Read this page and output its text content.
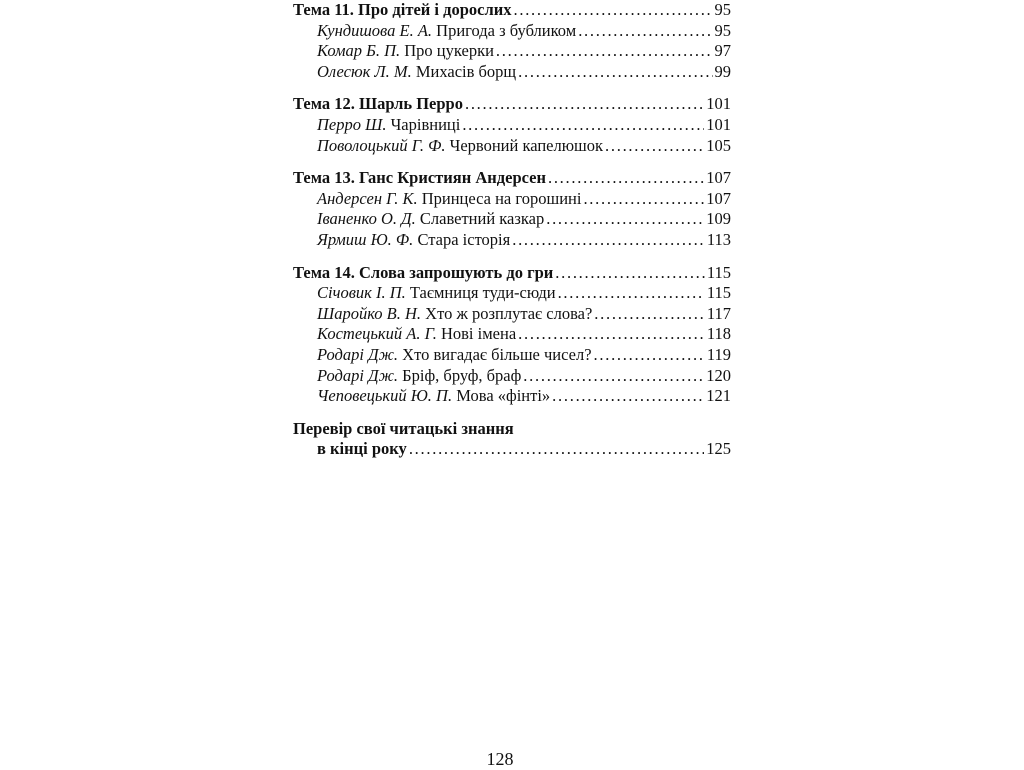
Тема 11. Про дітей і дорослих . . .	95
Кундишова Е. А. Пригода з бубликом . . .	95
Комар Б. П. Про цукерки . . .	97
Олесюк Л. М. Михасів борщ . . .	99
Тема 12. Шарль Перро . . .	101
Перро Ш. Чарівниці . . .	101
Поволоцький Г. Ф. Червоний капелюшок . . .	105
Тема 13. Ганс Кристиян Андерсен . . .	107
Андерсен Г. К. Принцеса на горошині . . .	107
Іваненко О. Д. Славетний казкар . . .	109
Ярмиш Ю. Ф. Стара історія . . .	113
Тема 14. Слова запрошують до гри . . .	115
Січовик І. П. Таємниця туди-сюди . . .	115
Шаройко В. Н. Хто ж розплутає слова? . . .	117
Костецький А. Г. Нові імена . . .	118
Родарі Дж. Хто вигадає більше чисел? . . .	119
Родарі Дж. Бріф, бруф, браф . . .	120
Чеповецький Ю. П. Мова «фінті» . . .	121
Перевір свої читацькі знання
в кінці року . . .	125
128
